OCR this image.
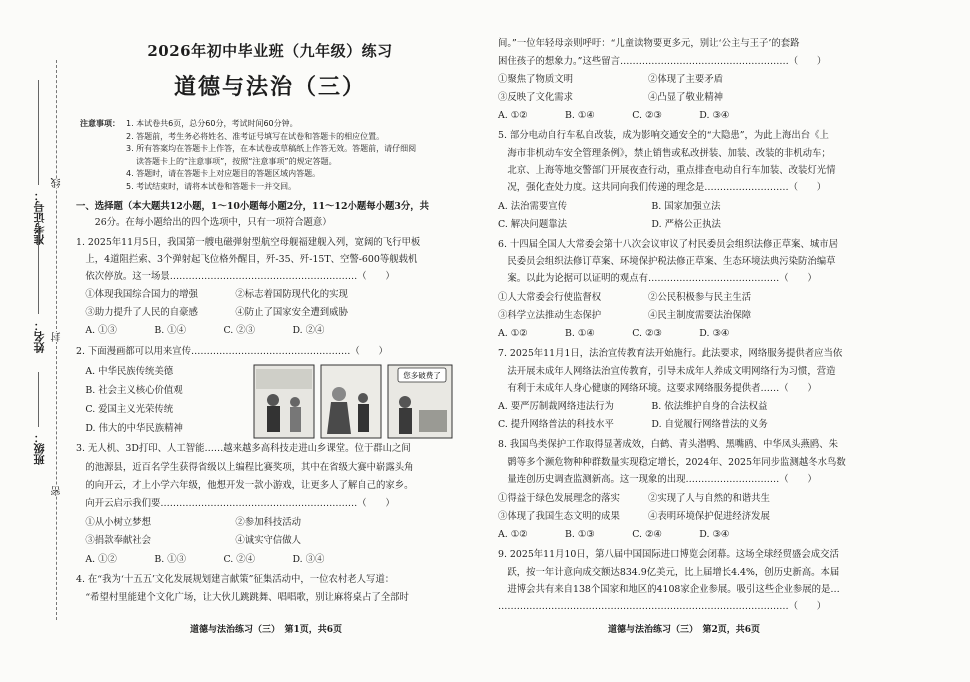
准考证号：
姓名：
班级：
线
封
密
2026年初中毕业班（九年级）练习
道德与法治（三）
注意事项： 1. 本试卷共6页，总分60分，考试时间60分钟。
2. 答题前，考生务必将姓名、准考证号填写在试卷和答题卡的相应位置。
3. 所有答案均在答题卡上作答，在本试卷或草稿纸上作答无效。答题前，请仔细阅
读答题卡上的“注意事项”，按照“注意事项”的规定答题。
4. 答题时，请在答题卡上对应题目的答题区域内答题。
5. 考试结束时，请将本试卷和答题卡一并交回。
一、选择题（本大题共12小题，1～10小题每小题2分，11～12小题每小题3分，共
　　26分。在每小题给出的四个选项中，只有一项符合题意）
1. 2025年11月5日，我国第一艘电磁弹射型航空母舰福建舰入列，宽阔的飞行甲板
　上，4道阻拦索、3个弹射起飞位格外醒目，歼-35、歼-15T、空警-600等舰载机
　依次停放。这一场景……………………………………………………（　　）
　①体现我国综合国力的增强　　　　②标志着国防现代化的实现
　③助力提升了人民的自豪感　　　　④防止了国家安全遭到威胁
　A. ①③　　　　B. ①④　　　　C. ②③　　　　D. ②④
2. 下面漫画都可以用来宣传……………………………………………（　　）
　A. 中华民族传统美德
　B. 社会主义核心价值观
　C. 爱国主义光荣传统
　D. 伟大的中华民族精神
您多破费了
3. 无人机、3D打印、人工智能……越来越多高科技走进山乡课堂。位于群山之间
　的池源县，近百名学生获得省级以上编程比赛奖项，其中在省级大赛中崭露头角
　的向开云，才上小学六年级，他想开发一款小游戏，让更多人了解自己的家乡。
　向开云启示我们要………………………………………………………（　　）
　①从小树立梦想　　　　　　　　　②参加科技活动
　③捐款奉献社会　　　　　　　　　④诚实守信做人
　A. ①②　　　　B. ①③　　　　C. ②④　　　　D. ③④
4. 在“我为‘十五五’文化发展规划建言献策”征集活动中，一位农村老人写道：
　“希望村里能建个文化广场，让大伙儿跳跳舞、唱唱歌，别让麻将桌占了全部时
道德与法治练习（三）　第1页，共6页
间。”一位年轻母亲则呼吁：“儿童读物要更多元，别让‘公主与王子’的套路
困住孩子的想象力。”这些留言………………………………………………（　　）
①聚焦了物质文明　　　　　　　　②体现了主要矛盾
③反映了文化需求　　　　　　　　④凸显了敬业精神
A. ①②　　　　B. ①④　　　　C. ②③　　　　D. ③④
5. 部分电动自行车私自改装，成为影响交通安全的“大隐患”，为此上海出台《上
　海市非机动车安全管理条例》，禁止销售或私改拼装、加装、改装的非机动车；
　北京、上海等地交警部门开展夜查行动，重点排查电动自行车加装、改装灯光情
　况，强化查处力度。这共同向我们传递的理念是………………………（　　）
A. 法治需要宣传　　　　　　　　　B. 国家加强立法
C. 解决问题靠法　　　　　　　　　D. 严格公正执法
6. 十四届全国人大常委会第十八次会议审议了村民委员会组织法修正草案、城市居
　民委员会组织法修订草案、环境保护税法修正草案、生态环境法典污染防治编草
　案。以此为论据可以证明的观点有……………………………………（　　）
①人大常委会行使监督权　　　　　②公民积极参与民主生活
③科学立法推动生态保护　　　　　④民主制度需要法治保障
A. ①②　　　　B. ①④　　　　C. ②③　　　　D. ③④
7. 2025年11月1日，法治宣传教育法开始施行。此法要求，网络服务提供者应当依
　法开展未成年人网络法治宣传教育，引导未成年人养成文明网络行为习惯，营造
　有利于未成年人身心健康的网络环境。这要求网络服务提供者……（　　）
A. 要严厉制裁网络违法行为　　　　B. 依法维护自身的合法权益
C. 提升网络普法的科技水平　　　　D. 自觉履行网络普法的义务
8. 我国鸟类保护工作取得显著成效，白鹤、青头潜鸭、黑嘴鸥、中华凤头燕鸥、朱
　鹮等多个濒危物种种群数量实现稳定增长，2024年、2025年同步监测越冬水鸟数
　量连创历史调查监测新高。这一现象的出现…………………………（　　）
①得益于绿色发展理念的落实　　　②实现了人与自然的和谐共生
③体现了我国生态文明的成果　　　④表明环境保护促进经济发展
A. ①②　　　　B. ①③　　　　C. ②④　　　　D. ③④
9. 2025年11月10日，第八届中国国际进口博览会闭幕。这场全球经贸盛会成交活
　跃，按一年计意向成交额达834.9亿美元，比上届增长4.4%，创历史新高。本届
　进博会共有来自138个国家和地区的4108家企业参展。吸引这些企业参展的是…
…………………………………………………………………………………（　　）
道德与法治练习（三）　第2页，共6页
